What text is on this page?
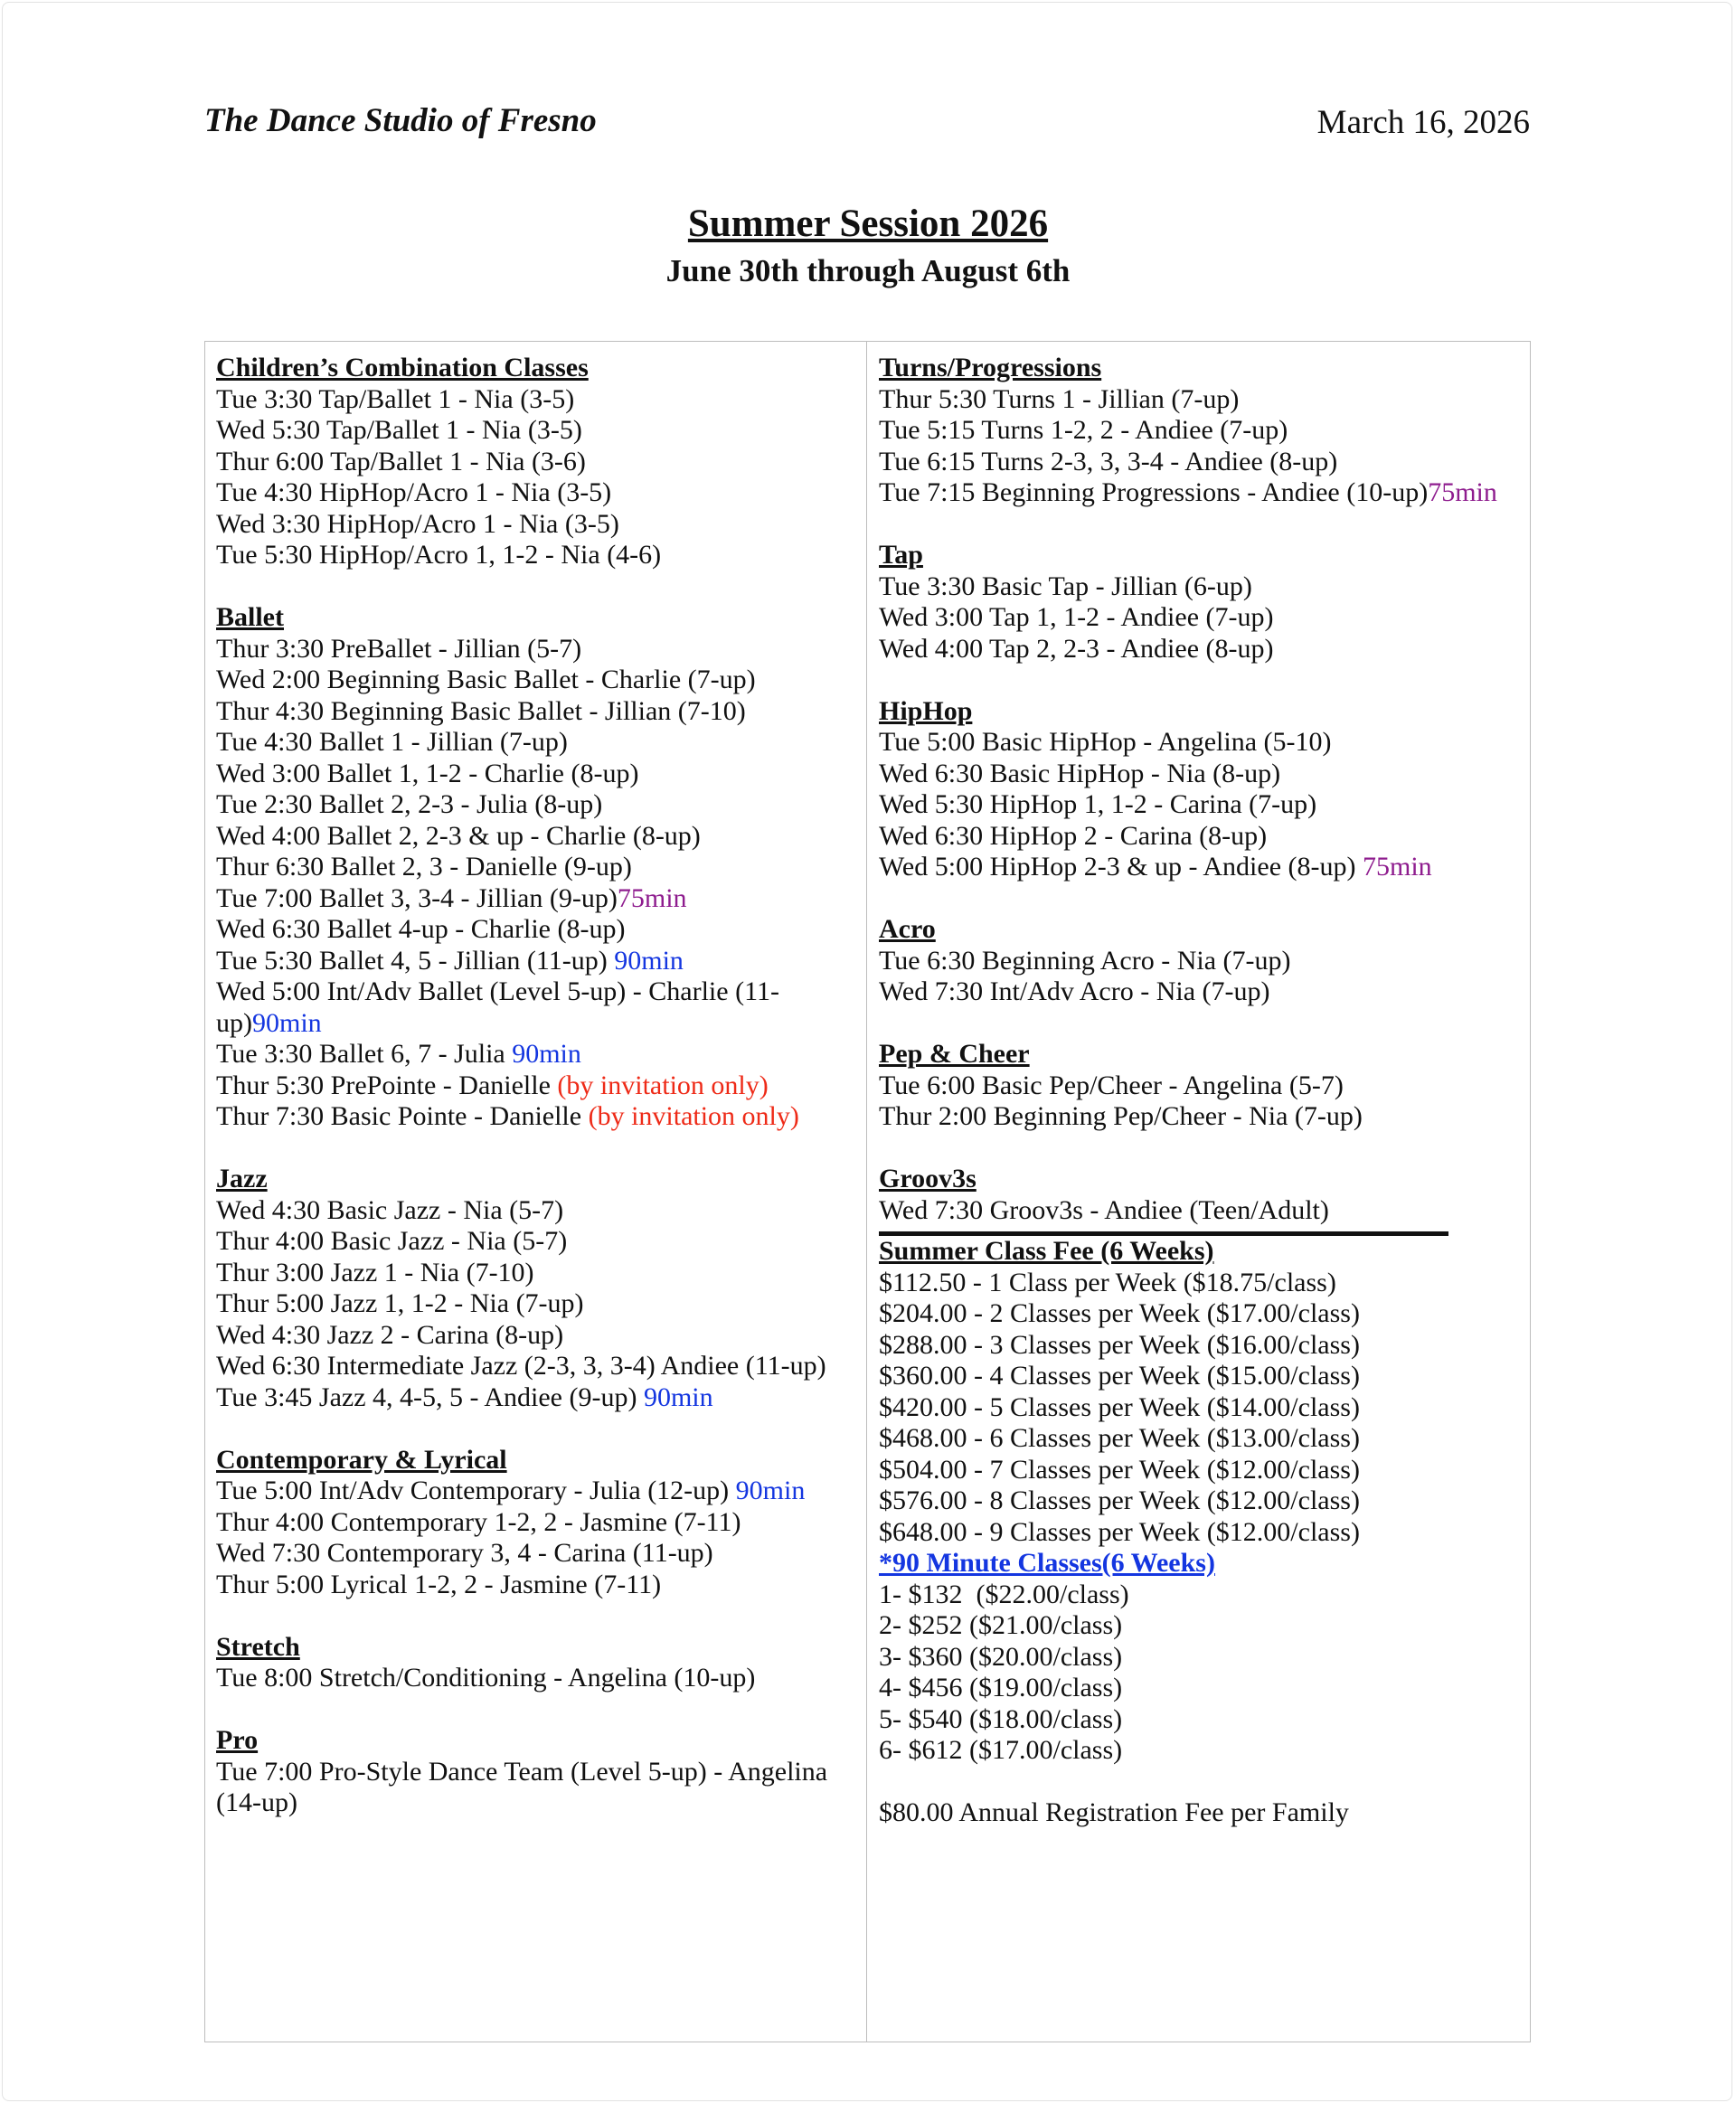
The Dance Studio of Fresno	March 16, 2026
Summer Session 2026
June 30th through August 6th
Children’s Combination Classes
Tue 3:30 Tap/Ballet 1 - Nia (3-5)
Wed 5:30 Tap/Ballet 1 - Nia (3-5)
Thur 6:00 Tap/Ballet 1 - Nia (3-6)
Tue 4:30 HipHop/Acro 1 - Nia (3-5)
Wed 3:30 HipHop/Acro 1 - Nia (3-5)
Tue 5:30 HipHop/Acro 1, 1-2 - Nia (4-6)
Ballet
Thur 3:30 PreBallet - Jillian (5-7)
Wed 2:00 Beginning Basic Ballet - Charlie (7-up)
Thur 4:30 Beginning Basic Ballet - Jillian (7-10)
Tue 4:30 Ballet 1 - Jillian (7-up)
Wed 3:00 Ballet 1, 1-2 - Charlie (8-up)
Tue 2:30 Ballet 2, 2-3 - Julia (8-up)
Wed 4:00 Ballet 2, 2-3 & up - Charlie (8-up)
Thur 6:30 Ballet 2, 3 - Danielle (9-up)
Tue 7:00 Ballet 3, 3-4 - Jillian (9-up)75min
Wed 6:30 Ballet 4-up - Charlie (8-up)
Tue 5:30 Ballet 4, 5 - Jillian (11-up) 90min
Wed 5:00 Int/Adv Ballet (Level 5-up) - Charlie (11-up)90min
Tue 3:30 Ballet 6, 7 - Julia 90min
Thur 5:30 PrePointe - Danielle (by invitation only)
Thur 7:30 Basic Pointe - Danielle (by invitation only)
Jazz
Wed 4:30 Basic Jazz - Nia (5-7)
Thur 4:00 Basic Jazz - Nia (5-7)
Thur 3:00 Jazz 1 - Nia (7-10)
Thur 5:00 Jazz 1, 1-2 - Nia (7-up)
Wed 4:30 Jazz 2 - Carina (8-up)
Wed 6:30 Intermediate Jazz (2-3, 3, 3-4) Andiee (11-up)
Tue 3:45 Jazz 4, 4-5, 5 - Andiee (9-up) 90min
Contemporary & Lyrical
Tue 5:00 Int/Adv Contemporary - Julia (12-up) 90min
Thur 4:00 Contemporary 1-2, 2 - Jasmine (7-11)
Wed 7:30 Contemporary 3, 4 - Carina (11-up)
Thur 5:00 Lyrical 1-2, 2 - Jasmine (7-11)
Stretch
Tue 8:00 Stretch/Conditioning - Angelina (10-up)
Pro
Tue 7:00 Pro-Style Dance Team (Level 5-up) - Angelina (14-up)
Turns/Progressions
Thur 5:30 Turns 1 - Jillian (7-up)
Tue 5:15 Turns 1-2, 2 - Andiee (7-up)
Tue 6:15 Turns 2-3, 3, 3-4 - Andiee (8-up)
Tue 7:15 Beginning Progressions - Andiee (10-up)75min
Tap
Tue 3:30 Basic Tap - Jillian (6-up)
Wed 3:00 Tap 1, 1-2 - Andiee (7-up)
Wed 4:00 Tap 2, 2-3 - Andiee (8-up)
HipHop
Tue 5:00 Basic HipHop - Angelina (5-10)
Wed 6:30 Basic HipHop - Nia (8-up)
Wed 5:30 HipHop 1, 1-2 - Carina (7-up)
Wed 6:30 HipHop 2 - Carina (8-up)
Wed 5:00 HipHop 2-3 & up - Andiee (8-up) 75min
Acro
Tue 6:30 Beginning Acro - Nia (7-up)
Wed 7:30 Int/Adv Acro - Nia (7-up)
Pep & Cheer
Tue 6:00 Basic Pep/Cheer - Angelina (5-7)
Thur 2:00 Beginning Pep/Cheer - Nia (7-up)
Groov3s
Wed 7:30 Groov3s - Andiee (Teen/Adult)
Summer Class Fee (6 Weeks)
$112.50 - 1 Class per Week ($18.75/class)
$204.00 - 2 Classes per Week ($17.00/class)
$288.00 - 3 Classes per Week ($16.00/class)
$360.00 - 4 Classes per Week ($15.00/class)
$420.00 - 5 Classes per Week ($14.00/class)
$468.00 - 6 Classes per Week ($13.00/class)
$504.00 - 7 Classes per Week ($12.00/class)
$576.00 - 8 Classes per Week ($12.00/class)
$648.00 - 9 Classes per Week ($12.00/class)
*90 Minute Classes(6 Weeks)
1- $132  ($22.00/class)
2- $252 ($21.00/class)
3- $360 ($20.00/class)
4- $456 ($19.00/class)
5- $540 ($18.00/class)
6- $612 ($17.00/class)
$80.00 Annual Registration Fee per Family
